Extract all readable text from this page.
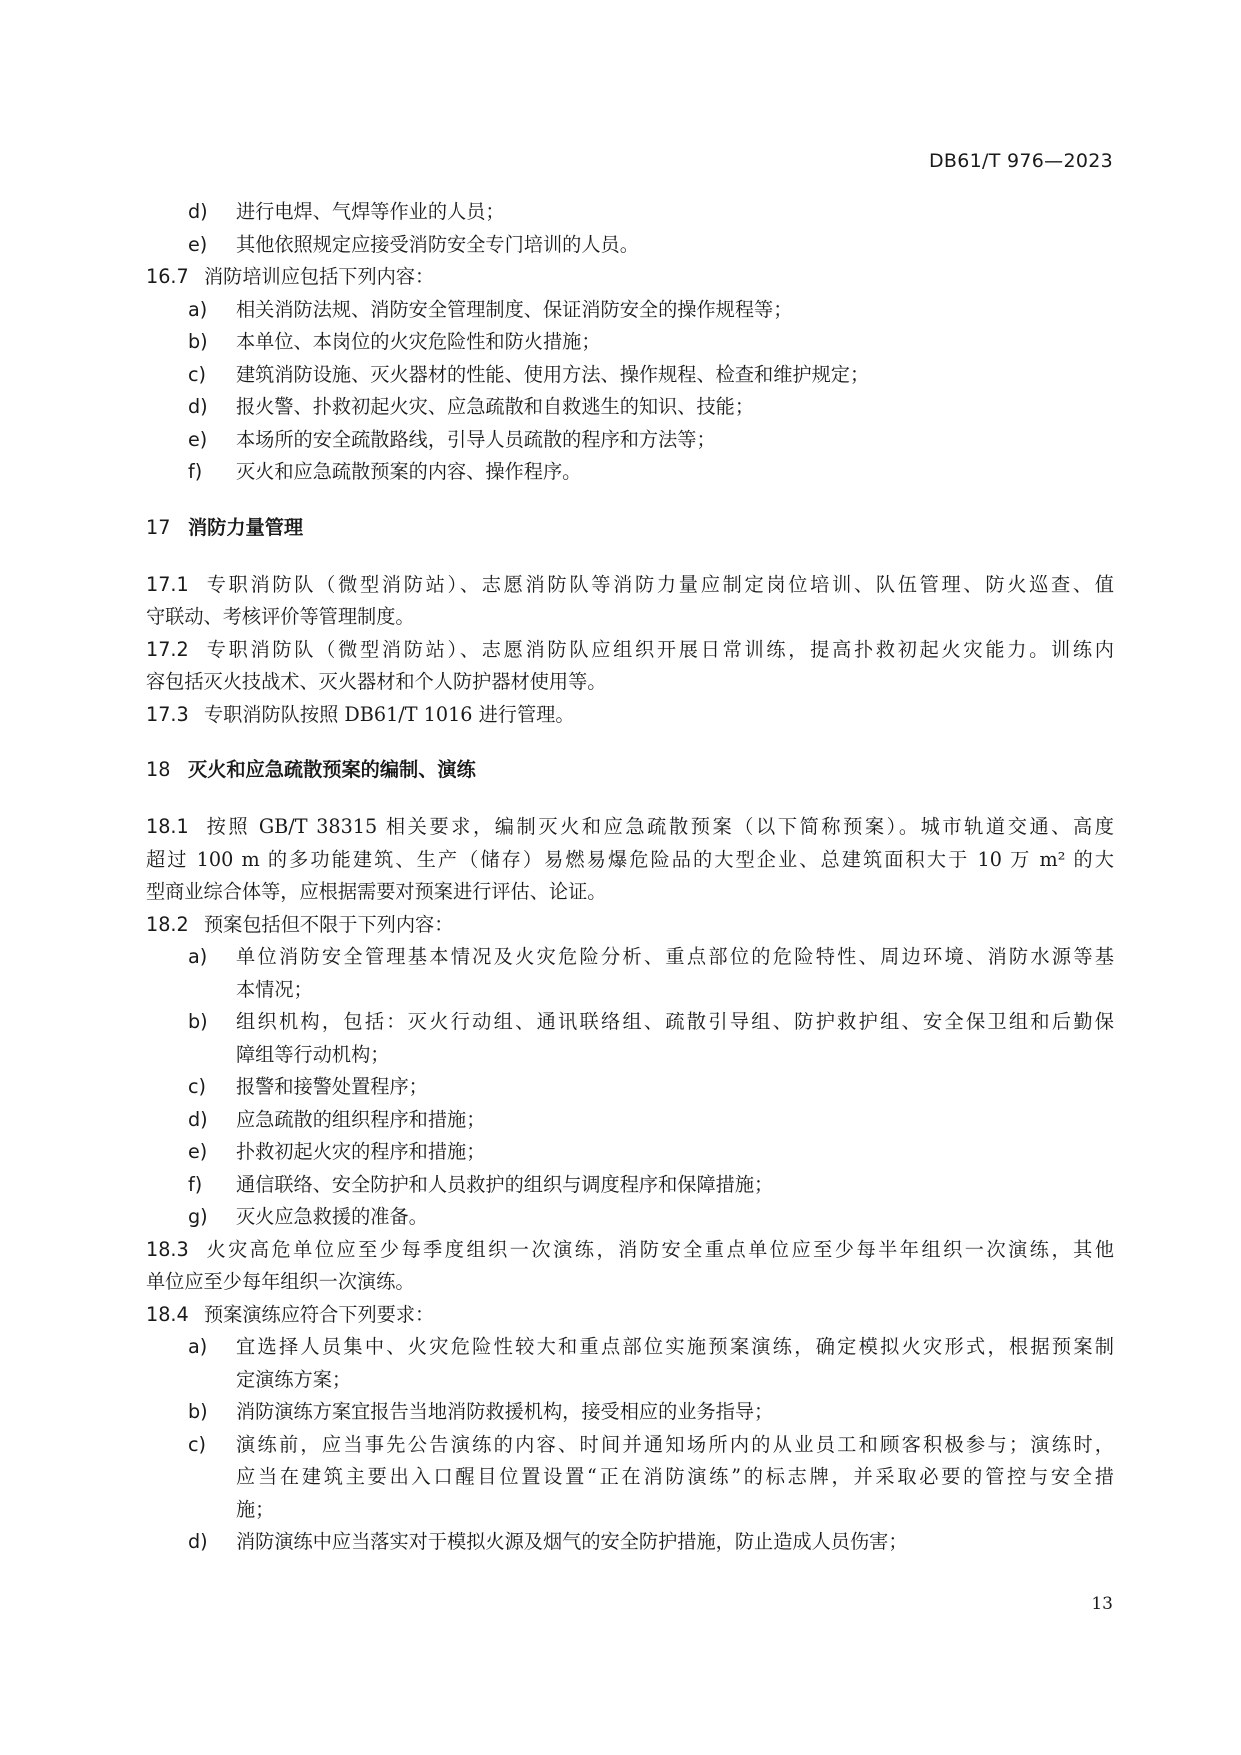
DB61/T 976—2023
d) 进行电焊、气焊等作业的人员；
e) 其他依照规定应接受消防安全专门培训的人员。
16.7 消防培训应包括下列内容：
a) 相关消防法规、消防安全管理制度、保证消防安全的操作规程等；
b) 本单位、本岗位的火灾危险性和防火措施；
c) 建筑消防设施、灭火器材的性能、使用方法、操作规程、检查和维护规定；
d) 报火警、扑救初起火灾、应急疏散和自救逃生的知识、技能；
e) 本场所的安全疏散路线，引导人员疏散的程序和方法等；
f) 灭火和应急疏散预案的内容、操作程序。
17 消防力量管理
17.1 专职消防队（微型消防站）、志愿消防队等消防力量应制定岗位培训、队伍管理、防火巡查、值
守联动、考核评价等管理制度。
17.2 专职消防队（微型消防站）、志愿消防队应组织开展日常训练，提高扑救初起火灾能力。训练内
容包括灭火技战术、灭火器材和个人防护器材使用等。
17.3 专职消防队按照 DB61/T 1016 进行管理。
18 灭火和应急疏散预案的编制、演练
18.1 按照 GB/T 38315 相关要求，编制灭火和应急疏散预案（以下简称预案）。城市轨道交通、高度
超过 100 m 的多功能建筑、生产（储存）易燃易爆危险品的大型企业、总建筑面积大于 10 万 m² 的大
型商业综合体等，应根据需要对预案进行评估、论证。
18.2 预案包括但不限于下列内容：
a) 单位消防安全管理基本情况及火灾危险分析、重点部位的危险特性、周边环境、消防水源等基
本情况；
b) 组织机构，包括：灭火行动组、通讯联络组、疏散引导组、防护救护组、安全保卫组和后勤保
障组等行动机构；
c) 报警和接警处置程序；
d) 应急疏散的组织程序和措施；
e) 扑救初起火灾的程序和措施；
f) 通信联络、安全防护和人员救护的组织与调度程序和保障措施；
g) 灭火应急救援的准备。
18.3 火灾高危单位应至少每季度组织一次演练，消防安全重点单位应至少每半年组织一次演练，其他
单位应至少每年组织一次演练。
18.4 预案演练应符合下列要求：
a) 宜选择人员集中、火灾危险性较大和重点部位实施预案演练，确定模拟火灾形式，根据预案制
定演练方案；
b) 消防演练方案宜报告当地消防救援机构，接受相应的业务指导；
c) 演练前，应当事先公告演练的内容、时间并通知场所内的从业员工和顾客积极参与；演练时，
应当在建筑主要出入口醒目位置设置“正在消防演练”的标志牌，并采取必要的管控与安全措
施；
d) 消防演练中应当落实对于模拟火源及烟气的安全防护措施，防止造成人员伤害；
13
